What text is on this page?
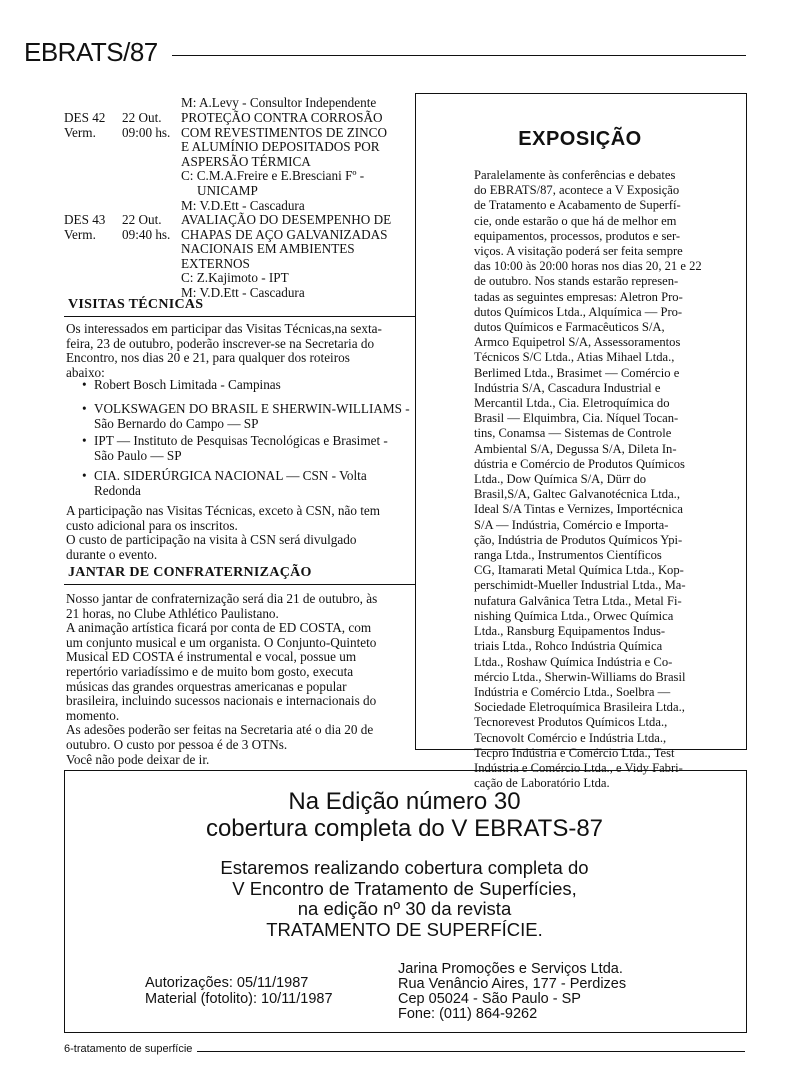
EBRATS/87
M: A.Levy - Consultor Independente
DES 42
Verm.
22 Out.
09:00 hs.
PROTEÇÃO CONTRA CORROSÃO
COM REVESTIMENTOS DE ZINCO
E ALUMÍNIO DEPOSITADOS POR
ASPERSÃO TÉRMICA
C: C.M.A.Freire e E.Bresciani Fº -
UNICAMP
M: V.D.Ett - Cascadura
DES 43
Verm.
22 Out.
09:40 hs.
AVALIAÇÃO DO DESEMPENHO DE
CHAPAS DE AÇO GALVANIZADAS
NACIONAIS EM AMBIENTES
EXTERNOS
C: Z.Kajimoto - IPT
M: V.D.Ett - Cascadura
VISITAS TÉCNICAS
Os interessados em participar das Visitas Técnicas,na sexta-
feira, 23 de outubro, poderão inscrever-se na Secretaria do
Encontro, nos dias 20 e 21, para qualquer dos roteiros
abaixo:
• Robert Bosch Limitada - Campinas
• VOLKSWAGEN DO BRASIL E SHERWIN-WILLIAMS -
São Bernardo do Campo — SP
• IPT — Instituto de Pesquisas Tecnológicas e Brasimet -
São Paulo — SP
• CIA. SIDERÚRGICA NACIONAL — CSN - Volta
Redonda
A participação nas Visitas Técnicas, exceto à CSN, não tem
custo adicional para os inscritos.
O custo de participação na visita à CSN será divulgado
durante o evento.
JANTAR DE CONFRATERNIZAÇÃO
Nosso jantar de confraternização será dia 21 de outubro, às
21 horas, no Clube Athlético Paulistano.
A animação artística ficará por conta de ED COSTA, com
um conjunto musical e um organista. O Conjunto-Quinteto
Musical ED COSTA é instrumental e vocal, possue um
repertório variadíssimo e de muito bom gosto, executa
músicas das grandes orquestras americanas e popular
brasileira, incluindo sucessos nacionais e internacionais do
momento.
As adesões poderão ser feitas na Secretaria até o dia 20 de
outubro. O custo por pessoa é de 3 OTNs.
Você não pode deixar de ir.
EXPOSIÇÃO
Paralelamente às conferências e debates
do EBRATS/87, acontece a V Exposição
de Tratamento e Acabamento de Superfí-
cie, onde estarão o que há de melhor em
equipamentos, processos, produtos e ser-
viços. A visitação poderá ser feita sempre
das 10:00 às 20:00 horas nos dias 20, 21 e 22
de outubro. Nos stands estarão represen-
tadas as seguintes empresas: Aletron Pro-
dutos Químicos Ltda., Alquímica — Pro-
dutos Químicos e Farmacêuticos S/A,
Armco Equipetrol S/A, Assessoramentos
Técnicos S/C Ltda., Atias Mihael Ltda.,
Berlimed Ltda., Brasimet — Comércio e
Indústria S/A, Cascadura Industrial e
Mercantil Ltda., Cia. Eletroquímica do
Brasil — Elquimbra, Cia. Níquel Tocan-
tins, Conamsa — Sistemas de Controle
Ambiental S/A, Degussa S/A, Dileta In-
dústria e Comércio de Produtos Químicos
Ltda., Dow Química S/A, Dürr do
Brasil,S/A, Galtec Galvanotécnica Ltda.,
Ideal S/A Tintas e Vernizes, Importécnica
S/A — Indústria, Comércio e Importa-
ção, Indústria de Produtos Químicos Ypi-
ranga Ltda., Instrumentos Científicos
CG, Itamarati Metal Química Ltda., Kop-
perschimidt-Mueller Industrial Ltda., Ma-
nufatura Galvânica Tetra Ltda., Metal Fi-
nishing Química Ltda., Orwec Química
Ltda., Ransburg Equipamentos Indus-
triais Ltda., Rohco Indústria Química
Ltda., Roshaw Química Indústria e Co-
mércio Ltda., Sherwin-Williams do Brasil
Indústria e Comércio Ltda., Soelbra —
Sociedade Eletroquímica Brasileira Ltda.,
Tecnorevest Produtos Químicos Ltda.,
Tecnovolt Comércio e Indústria Ltda.,
Tecpro Indústria e Comércio Ltda., Test
Indústria e Comércio Ltda., e Vidy Fabri-
cação de Laboratório Ltda.
Na Edição número 30
cobertura completa do V EBRATS-87
Estaremos realizando cobertura completa do
V Encontro de Tratamento de Superfícies,
na edição nº 30 da revista
TRATAMENTO DE SUPERFÍCIE.
Autorizações: 05/11/1987
Material (fotolito): 10/11/1987
Jarina Promoções e Serviços Ltda.
Rua Venâncio Aires, 177 - Perdizes
Cep 05024 - São Paulo - SP
Fone: (011) 864-9262
6-tratamento de superfície
